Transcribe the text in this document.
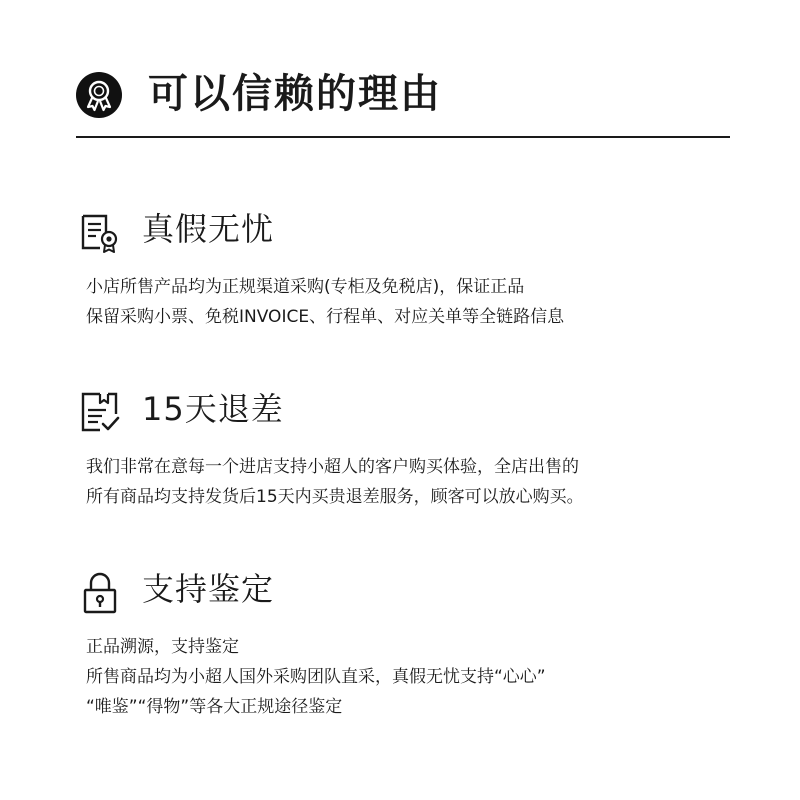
可以信赖的理由
真假无忧
小店所售产品均为正规渠道采购(专柜及免税店)，保证正品
保留采购小票、免税INVOICE、行程单、对应关单等全链路信息
15天退差
我们非常在意每一个进店支持小超人的客户购买体验，全店出售的
所有商品均支持发货后15天内买贵退差服务，顾客可以放心购买。
支持鉴定
正品溯源，支持鉴定
所售商品均为小超人国外采购团队直采，真假无忧支持“心心”
“唯鉴”“得物”等各大正规途径鉴定
